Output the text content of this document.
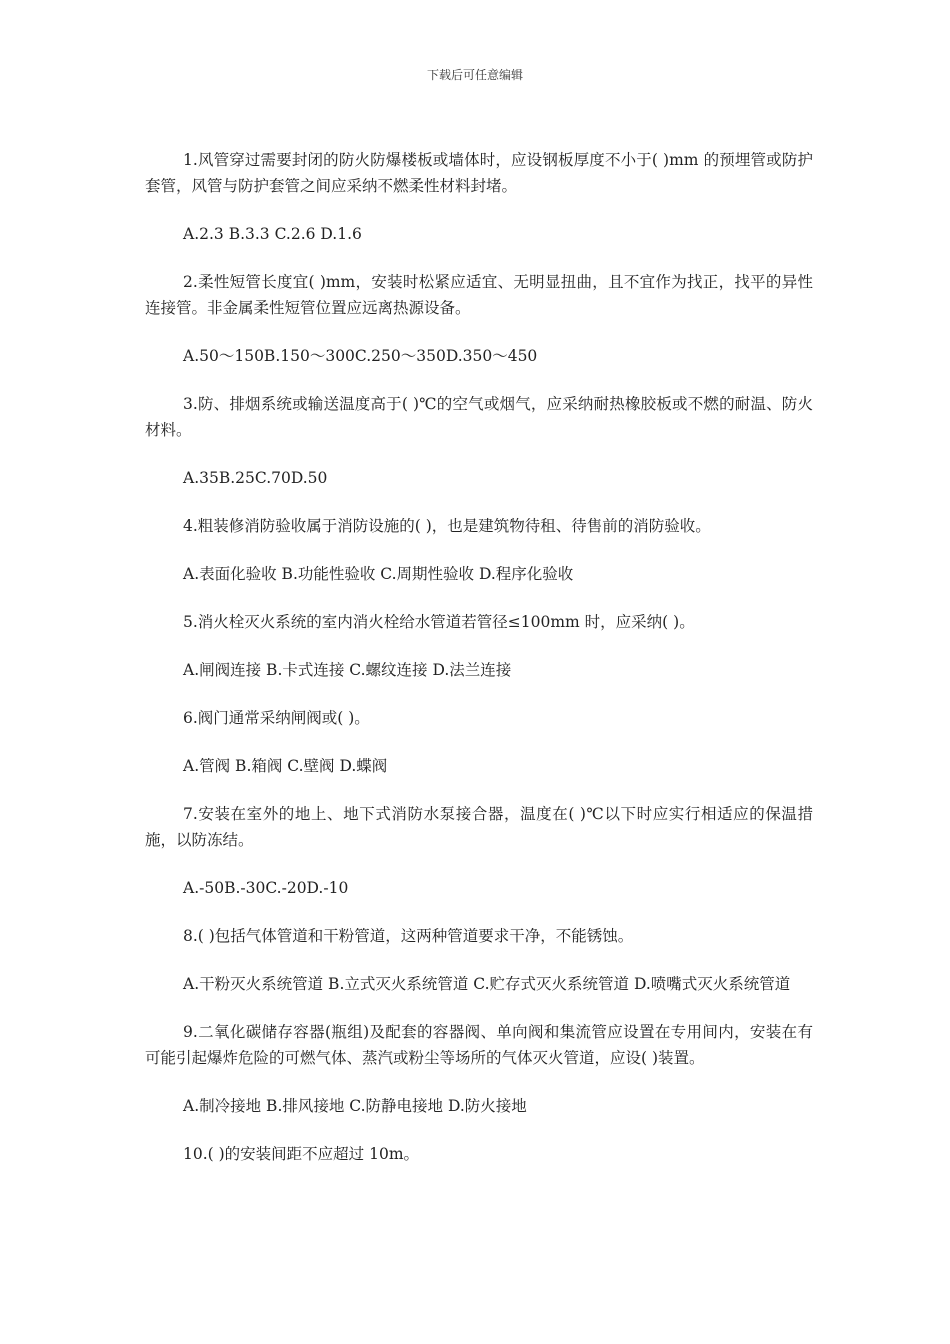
下载后可任意编辑

1.风管穿过需要封闭的防火防爆楼板或墙体时，应设钢板厚度不小于( )mm 的预埋管或防护套管，风管与防护套管之间应采纳不燃柔性材料封堵。

A.2.3 B.3.3 C.2.6 D.1.6

2.柔性短管长度宜( )mm，安装时松紧应适宜、无明显扭曲，且不宜作为找正，找平的异性连接管。非金属柔性短管位置应远离热源设备。

A.50～150B.150～300C.250～350D.350～450

3.防、排烟系统或输送温度高于( )℃的空气或烟气，应采纳耐热橡胶板或不燃的耐温、防火材料。

A.35B.25C.70D.50

4.粗装修消防验收属于消防设施的( )，也是建筑物待租、待售前的消防验收。

A.表面化验收 B.功能性验收 C.周期性验收 D.程序化验收

5.消火栓灭火系统的室内消火栓给水管道若管径≤100mm 时，应采纳( )。

A.闸阀连接 B.卡式连接 C.螺纹连接 D.法兰连接

6.阀门通常采纳闸阀或( )。

A.管阀 B.箱阀 C.壁阀 D.蝶阀

7.安装在室外的地上、地下式消防水泵接合器，温度在( )℃以下时应实行相适应的保温措施，以防冻结。

A.-50B.-30C.-20D.-10

8.( )包括气体管道和干粉管道，这两种管道要求干净，不能锈蚀。

A.干粉灭火系统管道 B.立式灭火系统管道 C.贮存式灭火系统管道 D.喷嘴式灭火系统管道

9.二氧化碳储存容器(瓶组)及配套的容器阀、单向阀和集流管应设置在专用间内，安装在有可能引起爆炸危险的可燃气体、蒸汽或粉尘等场所的气体灭火管道，应设( )装置。

A.制冷接地 B.排风接地 C.防静电接地 D.防火接地

10.( )的安装间距不应超过 10m。
